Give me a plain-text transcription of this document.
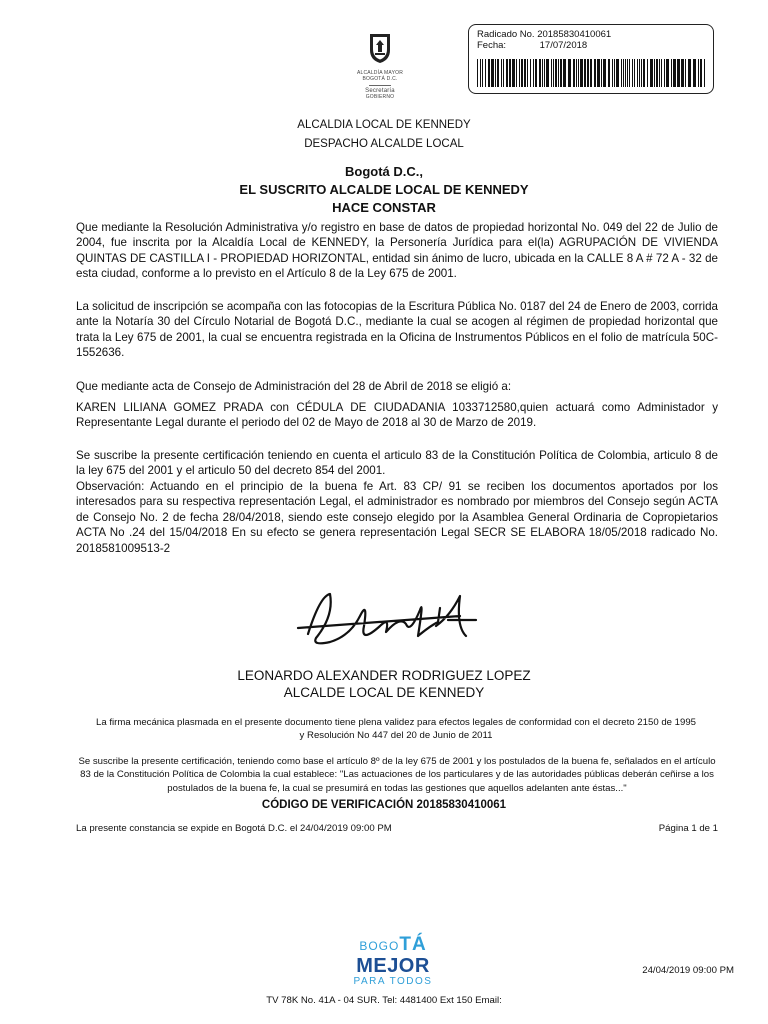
ALCALDÍA MAYOR
BOGOTÁ D.C.
Secretaría
GOBIERNO
Radicado No. 20185830410061
Fecha:	17/07/2018
ALCALDIA LOCAL DE KENNEDY
DESPACHO ALCALDE LOCAL
Bogotá D.C.,
EL SUSCRITO ALCALDE LOCAL DE KENNEDY
HACE CONSTAR
Que mediante la Resolución Administrativa y/o registro en base de datos de propiedad horizontal No. 049 del 22 de Julio de 2004, fue inscrita por la Alcaldía Local de KENNEDY, la Personería Jurídica para el(la) AGRUPACIÓN DE VIVIENDA QUINTAS DE CASTILLA I - PROPIEDAD HORIZONTAL, entidad sin ánimo de lucro, ubicada en la CALLE 8 A # 72 A - 32 de esta ciudad, conforme a lo previsto en el Artículo 8 de la Ley 675 de 2001.
La solicitud de inscripción se acompaña con las fotocopias de la Escritura Pública No. 0187 del 24 de Enero de 2003, corrida ante la Notaría 30 del Círculo Notarial de Bogotá D.C., mediante la cual se acogen al régimen de propiedad horizontal que trata la Ley 675 de 2001, la cual se encuentra registrada en la Oficina de Instrumentos Públicos en el folio de matrícula 50C-1552636.
Que mediante acta de Consejo de Administración del 28 de Abril de 2018 se eligió a:
KAREN LILIANA GOMEZ PRADA con CÉDULA DE CIUDADANIA 1033712580,quien actuará como Administador y Representante Legal durante el periodo del 02 de Mayo de 2018 al 30 de Marzo de 2019.
Se suscribe la presente certificación teniendo en cuenta el articulo 83 de la Constitución Política de Colombia, articulo 8 de la ley 675 del 2001 y el articulo 50 del decreto 854 del 2001.
Observación: Actuando en el principio de la buena fe Art. 83 CP/ 91 se reciben los documentos aportados por los interesados para su respectiva representación Legal, el administrador es nombrado por miembros del Consejo según ACTA de Consejo No. 2 de fecha 28/04/2018, siendo este consejo elegido por la Asamblea General Ordinaria de Copropietarios ACTA No .24 del 15/04/2018 En su efecto se genera representación Legal SECR SE ELABORA 18/05/2018 radicado No. 2018581009513-2
LEONARDO ALEXANDER RODRIGUEZ LOPEZ
ALCALDE LOCAL DE KENNEDY
La firma mecánica plasmada en el presente documento tiene plena validez para efectos legales de conformidad con el decreto 2150 de 1995 y Resolución No 447 del 20 de Junio de 2011
Se suscribe la presente certificación, teniendo como base el artículo 8º de la ley 675 de 2001 y los postulados de la buena fe, señalados en el artículo 83 de la Constitución Política de Colombia la cual establece: "Las actuaciones de los particulares y de las autoridades públicas deberán ceñirse a los postulados de la buena fe, la cual se presumirá en todas las gestiones que aquellos adelanten ante éstas..."
CÓDIGO DE VERIFICACIÓN 20185830410061
La presente constancia se expide en Bogotá D.C. el 24/04/2019 09:00 PM	Página 1 de 1
BOGOTÁ
MEJOR
PARA TODOS
24/04/2019 09:00 PM
TV 78K No. 41A - 04 SUR. Tel: 4481400 Ext 150 Email:
